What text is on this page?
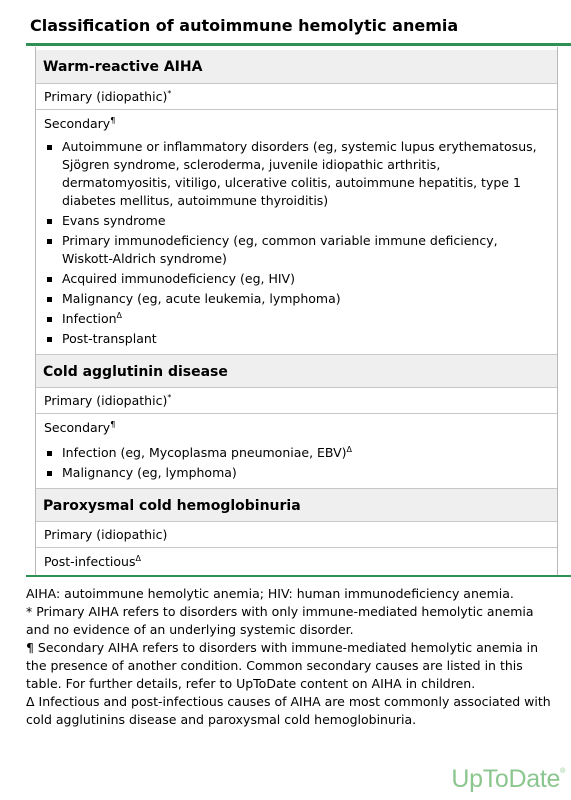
Classification of autoimmune hemolytic anemia
Warm-reactive AIHA
Primary (idiopathic)*
Secondary¶
Autoimmune or inflammatory disorders (eg, systemic lupus erythematosus, Sjögren syndrome, scleroderma, juvenile idiopathic arthritis, dermatomyositis, vitiligo, ulcerative colitis, autoimmune hepatitis, type 1 diabetes mellitus, autoimmune thyroiditis)
Evans syndrome
Primary immunodeficiency (eg, common variable immune deficiency, Wiskott-Aldrich syndrome)
Acquired immunodeficiency (eg, HIV)
Malignancy (eg, acute leukemia, lymphoma)
Infection$^\Delta$
Post-transplant
Cold agglutinin disease
Primary (idiopathic)*
Secondary¶
Infection (eg, Mycoplasma pneumoniae, EBV)$^\Delta$
Malignancy (eg, lymphoma)
Paroxysmal cold hemoglobinuria
Primary (idiopathic)
Post-infectious$^\Delta$
AIHA: autoimmune hemolytic anemia; HIV: human immunodeficiency anemia.
* Primary AIHA refers to disorders with only immune-mediated hemolytic anemia and no evidence of an underlying systemic disorder.
¶ Secondary AIHA refers to disorders with immune-mediated hemolytic anemia in the presence of another condition. Common secondary causes are listed in this table. For further details, refer to UpToDate content on AIHA in children.
Δ Infectious and post-infectious causes of AIHA are most commonly associated with cold agglutinins disease and paroxysmal cold hemoglobinuria.
UpToDate®
